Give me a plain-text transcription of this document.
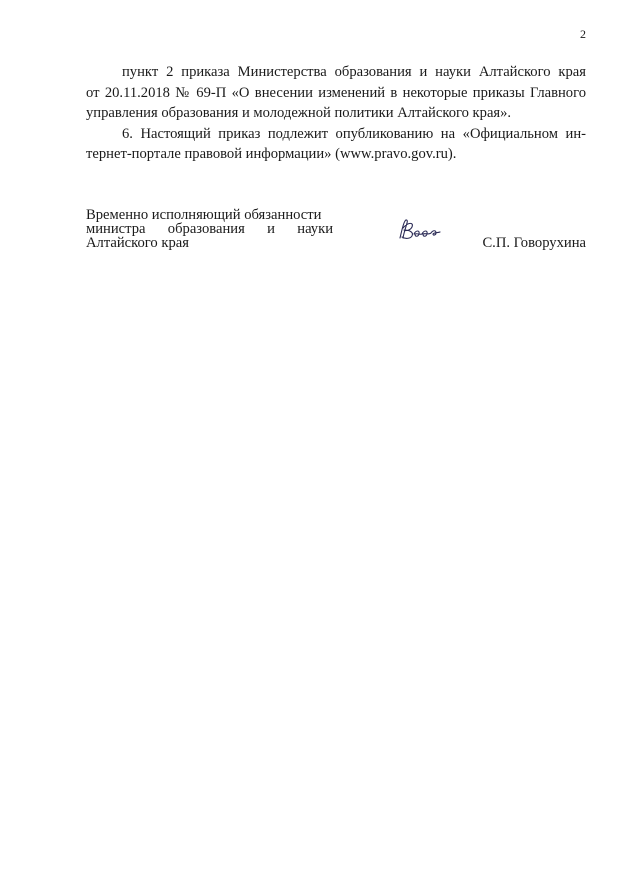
2

пункт 2 приказа Министерства образования и науки Алтайского края
от 20.11.2018 № 69-П «О внесении изменений в некоторые приказы Главного
управления образования и молодежной политики Алтайского края».

6. Настоящий приказ подлежит опубликованию на «Официальном ин-
тернет-портале правовой информации» (www.pravo.gov.ru).

Временно исполняющий обязанности
министра образования и науки
Алтайского края	С.П. Говорухина
